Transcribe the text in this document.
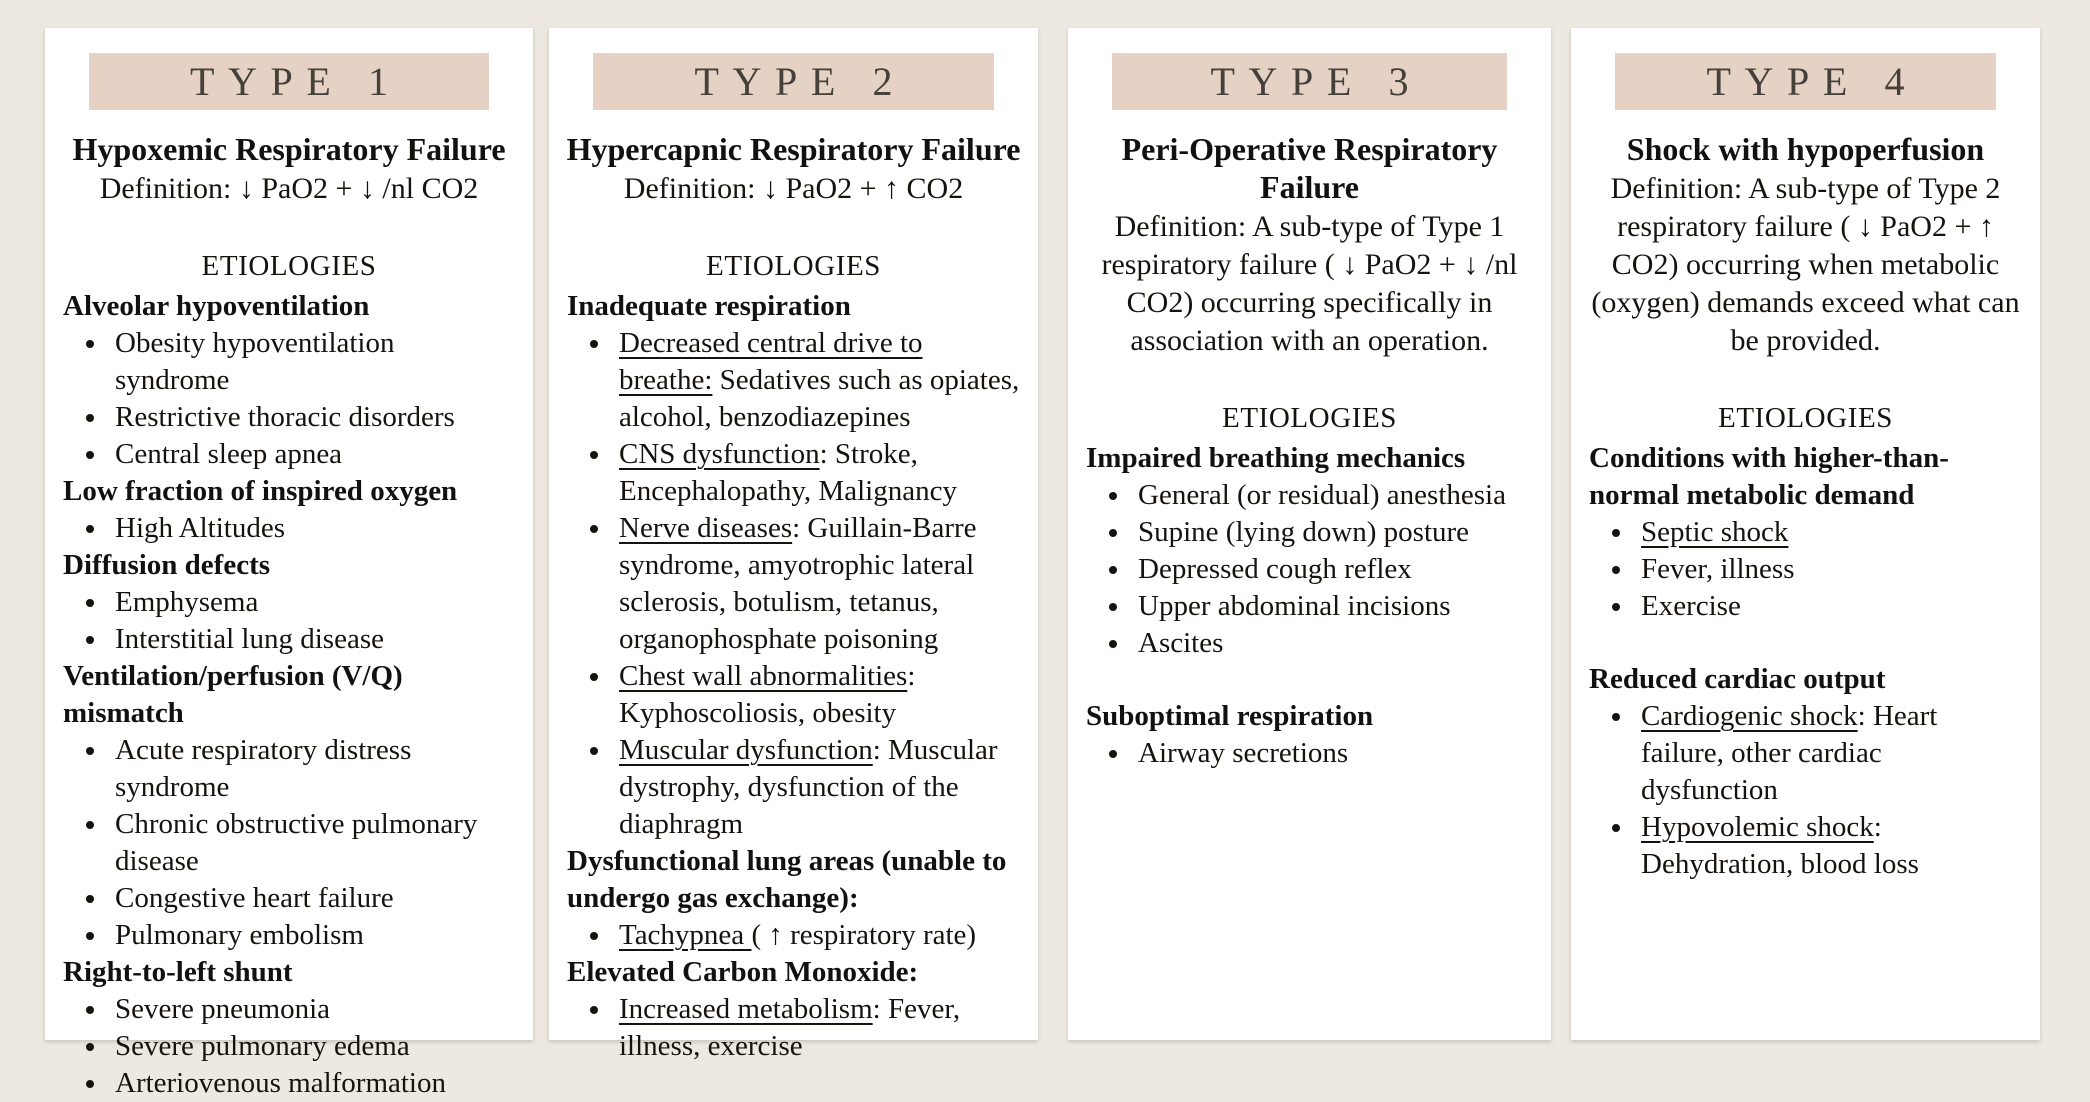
TYPE 1
Hypoxemic Respiratory Failure
Definition: ↓ PaO2 + ↓ /nl CO2
ETIOLOGIES
Alveolar hypoventilation
• Obesity hypoventilation syndrome
• Restrictive thoracic disorders
• Central sleep apnea
Low fraction of inspired oxygen
• High Altitudes
Diffusion defects
• Emphysema
• Interstitial lung disease
Ventilation/perfusion (V/Q) mismatch
• Acute respiratory distress syndrome
• Chronic obstructive pulmonary disease
• Congestive heart failure
• Pulmonary embolism
Right-to-left shunt
• Severe pneumonia
• Severe pulmonary edema
• Arteriovenous malformation
TYPE 2
Hypercapnic Respiratory Failure
Definition: ↓ PaO2 + ↑ CO2
ETIOLOGIES
Inadequate respiration
• Decreased central drive to breathe: Sedatives such as opiates, alcohol, benzodiazepines
• CNS dysfunction: Stroke, Encephalopathy, Malignancy
• Nerve diseases: Guillain-Barre syndrome, amyotrophic lateral sclerosis, botulism, tetanus, organophosphate poisoning
• Chest wall abnormalities: Kyphoscoliosis, obesity
• Muscular dysfunction: Muscular dystrophy, dysfunction of the diaphragm
Dysfunctional lung areas (unable to undergo gas exchange):
• Tachypnea ( ↑ respiratory rate)
Elevated Carbon Monoxide:
• Increased metabolism: Fever, illness, exercise
TYPE 3
Peri-Operative Respiratory Failure
Definition: A sub-type of Type 1 respiratory failure ( ↓ PaO2 + ↓ /nl CO2) occurring specifically in association with an operation.
ETIOLOGIES
Impaired breathing mechanics
• General (or residual) anesthesia
• Supine (lying down) posture
• Depressed cough reflex
• Upper abdominal incisions
• Ascites
Suboptimal respiration
• Airway secretions
TYPE 4
Shock with hypoperfusion
Definition: A sub-type of Type 2 respiratory failure ( ↓ PaO2 + ↑ CO2) occurring when metabolic (oxygen) demands exceed what can be provided.
ETIOLOGIES
Conditions with higher-than-normal metabolic demand
• Septic shock
• Fever, illness
• Exercise
Reduced cardiac output
• Cardiogenic shock: Heart failure, other cardiac dysfunction
• Hypovolemic shock: Dehydration, blood loss
